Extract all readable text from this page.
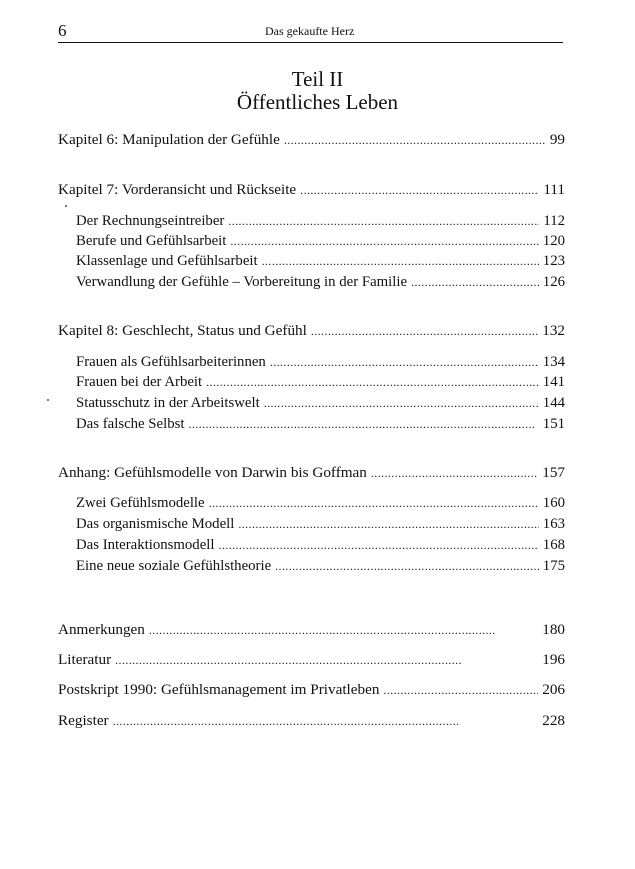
6	Das gekaufte Herz
Teil II
Öffentliches Leben
Kapitel 6: Manipulation der Gefühle . . .	99
Kapitel 7: Vorderansicht und Rückseite . . .	111
Der Rechnungseintreiber . . .	112
Berufe und Gefühlsarbeit . . .	120
Klassenlage und Gefühlsarbeit . . .	123
Verwandlung der Gefühle – Vorbereitung in der Familie . . .	126
Kapitel 8: Geschlecht, Status und Gefühl . . .	132
Frauen als Gefühlsarbeiterinnen . . .	134
Frauen bei der Arbeit . . .	141
Statusschutz in der Arbeitswelt . . .	144
Das falsche Selbst . . .	151
Anhang: Gefühlsmodelle von Darwin bis Goffman . . .	157
Zwei Gefühlsmodelle . . .	160
Das organismische Modell . . .	163
Das Interaktionsmodell . . .	168
Eine neue soziale Gefühlstheorie . . .	175
Anmerkungen . . .	180
Literatur . . .	196
Postskript 1990: Gefühlsmanagement im Privatleben . . .	206
Register . . .	228
